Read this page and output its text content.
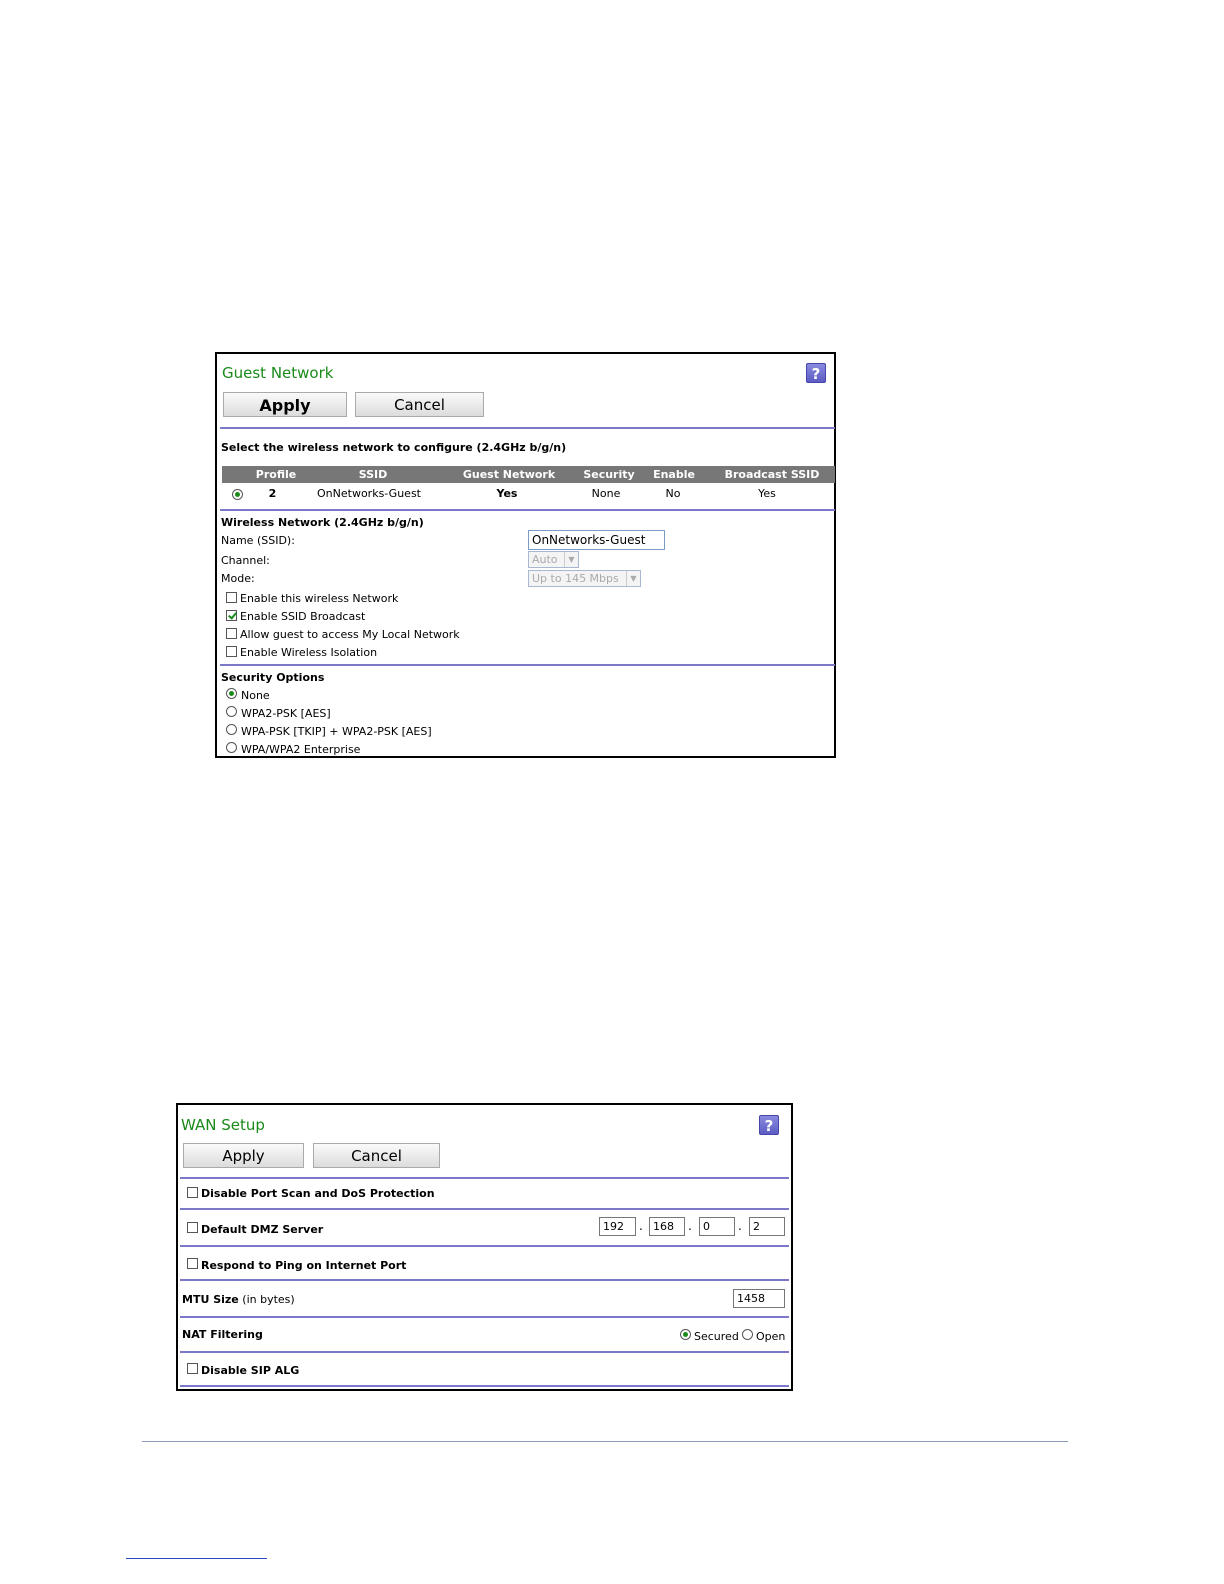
Guest Network	?
Apply	Cancel
Select the wireless network to configure (2.4GHz b/g/n)
Profile	SSID	Guest Network	Security	Enable	Broadcast SSID
2	OnNetworks-Guest	Yes	None	No	Yes
Wireless Network (2.4GHz b/g/n)
Name (SSID):	OnNetworks-Guest
Channel:	Auto	▼
Mode:	Up to 145 Mbps	▼
Enable this wireless Network
Enable SSID Broadcast
Allow guest to access My Local Network
Enable Wireless Isolation
Security Options
None
WPA2-PSK [AES]
WPA-PSK [TKIP] + WPA2-PSK [AES]
WPA/WPA2 Enterprise
WAN Setup	?
Apply	Cancel
Disable Port Scan and DoS Protection
Default DMZ Server	192	. 168	.	0	.	2
Respond to Ping on Internet Port
MTU Size (in bytes)	1458
NAT Filtering	Secured Open
Disable SIP ALG
